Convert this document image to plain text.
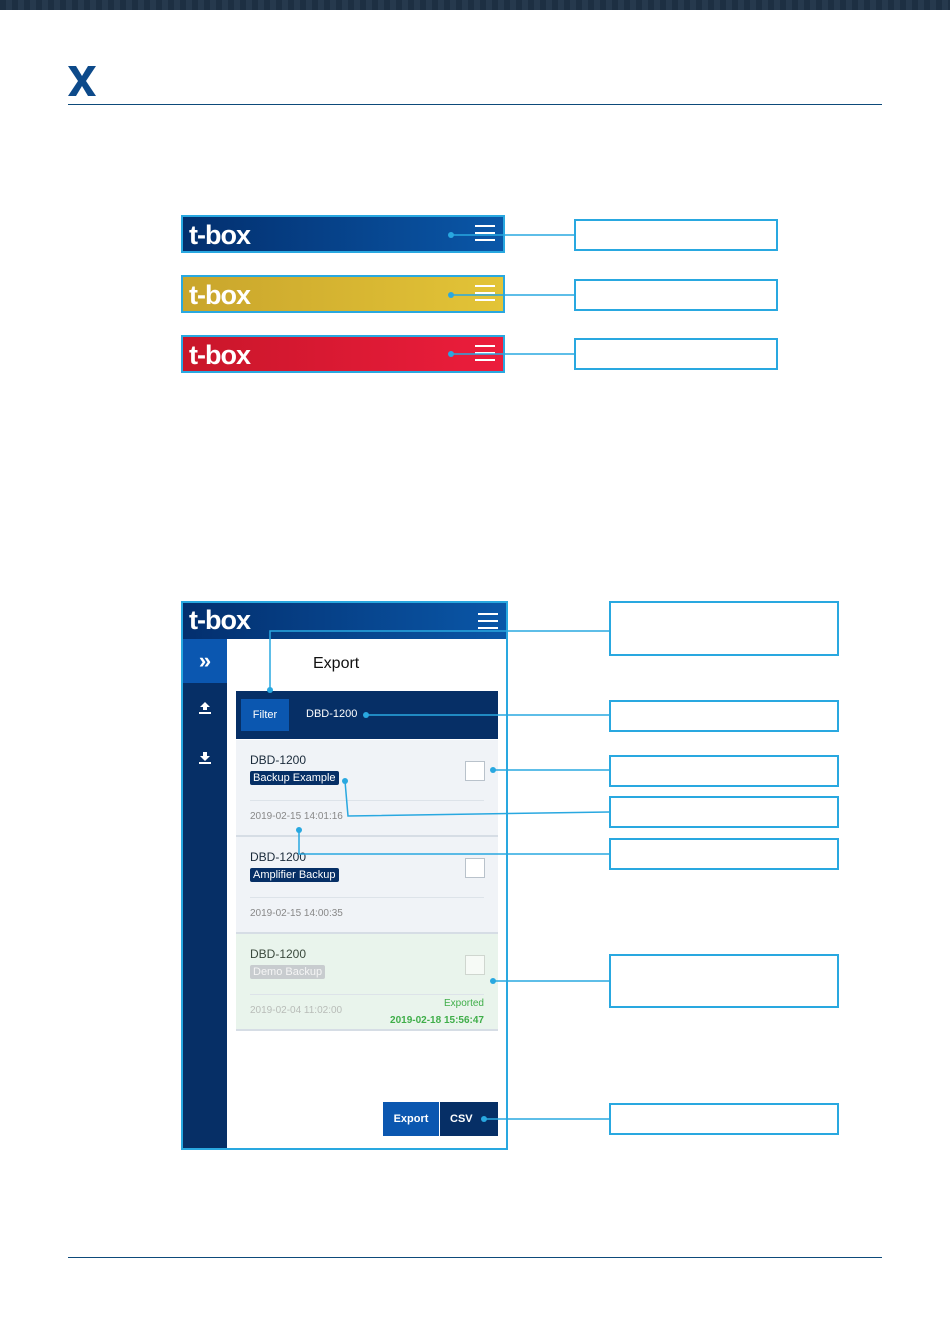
t-box
t-box
t-box
t-box
»	Export
Filter	DBD-1200
DBD-1200
Backup Example
2019-02-15 14:01:16
DBD-1200
Amplifier Backup
2019-02-15 14:00:35
DBD-1200
Demo Backup
2019-02-04 11:02:00
Exported
2019-02-18 15:56:47
Export	CSV
